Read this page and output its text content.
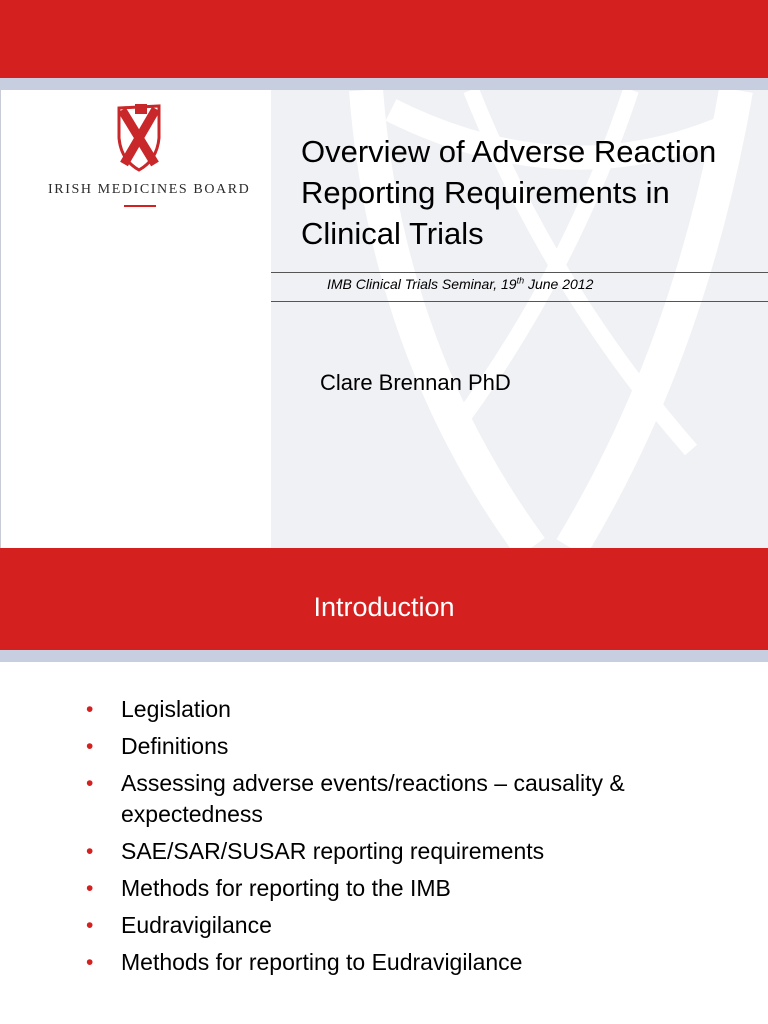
IRISH MEDICINES BOARD
Overview of Adverse Reaction Reporting Requirements in Clinical Trials
IMB Clinical Trials Seminar, 19th June 2012
Clare Brennan PhD
Introduction
• Legislation
• Definitions
• Assessing adverse events/reactions – causality & expectedness
• SAE/SAR/SUSAR reporting requirements
• Methods for reporting to the IMB
• Eudravigilance
• Methods for reporting to Eudravigilance
